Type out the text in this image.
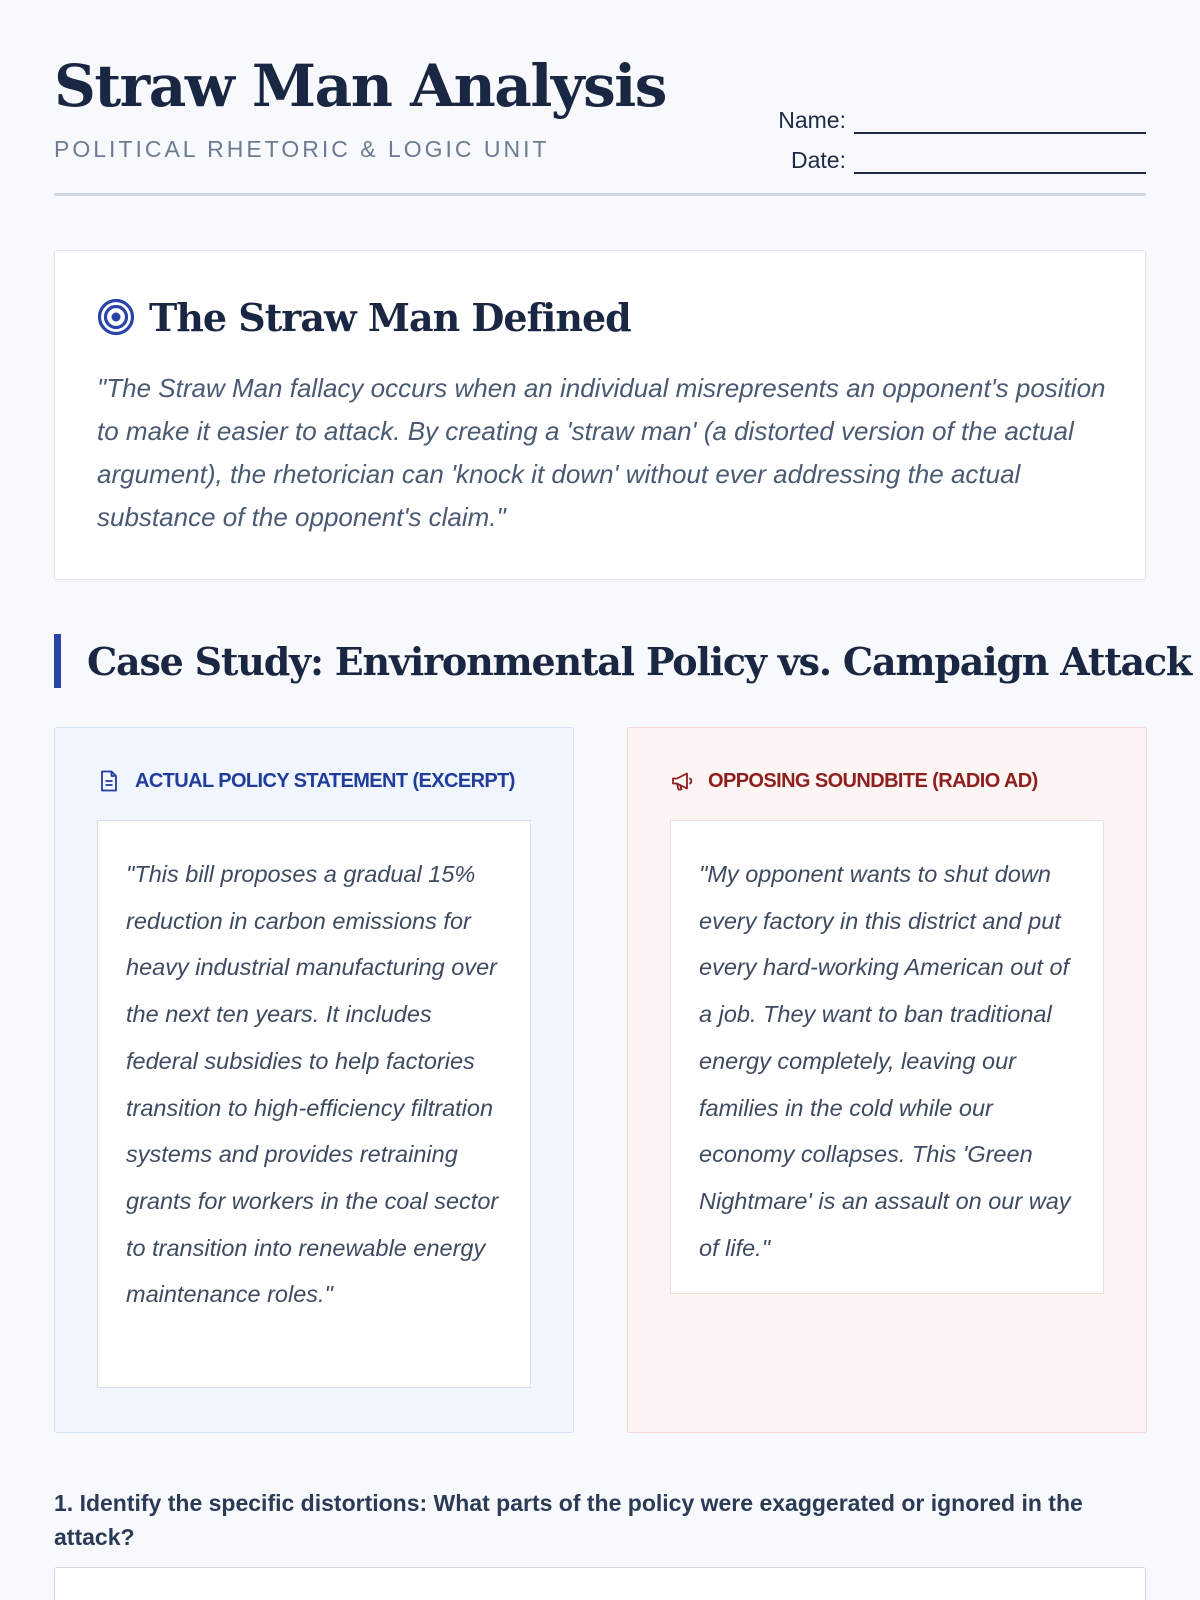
Straw Man Analysis
POLITICAL RHETORIC & LOGIC UNIT
Name:
Date:
The Straw Man Defined

"The Straw Man fallacy occurs when an individual misrepresents an opponent's position to make it easier to attack. By creating a 'straw man' (a distorted version of the actual argument), the rhetorician can 'knock it down' without ever addressing the actual substance of the opponent's claim."

Case Study: Environmental Policy vs. Campaign Attack
ACTUAL POLICY STATEMENT (EXCERPT)
"This bill proposes a gradual 15% reduction in carbon emissions for heavy industrial manufacturing over the next ten years. It includes federal subsidies to help factories transition to high-efficiency filtration systems and provides retraining grants for workers in the coal sector to transition into renewable energy maintenance roles."
OPPOSING SOUNDBITE (RADIO AD)
"My opponent wants to shut down every factory in this district and put every hard-working American out of a job. They want to ban traditional energy completely, leaving our families in the cold while our economy collapses. This 'Green Nightmare' is an assault on our way of life."

1. Identify the specific distortions: What parts of the policy were exaggerated or ignored in the attack?
